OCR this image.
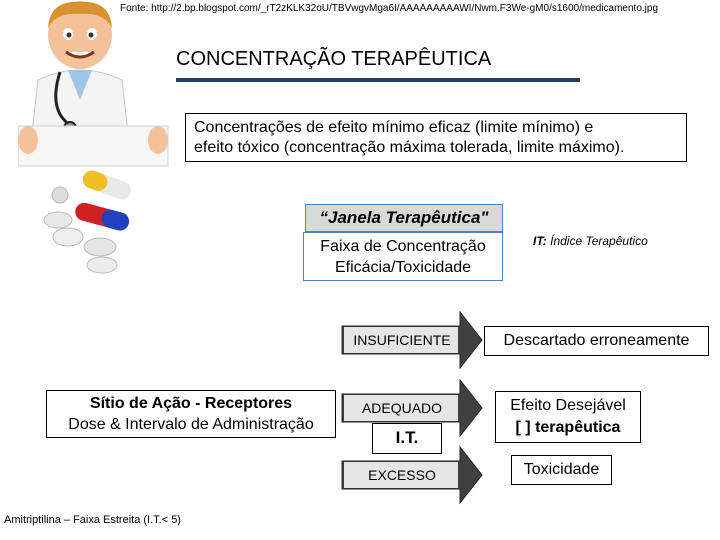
Fonte: http://2.bp.blogspot.com/_rT2zKLK32oU/TBVwgvMga6I/AAAAAAAAAWI/Nwm.F3We-gM0/s1600/medicamento.jpg
CONCENTRAÇÃO TERAPÊUTICA
Concentrações de efeito mínimo eficaz (limite mínimo) e
efeito tóxico (concentração máxima tolerada, limite máximo).
“Janela Terapêutica"
Faixa de Concentração
Eficácia/Toxicidade
IT: Índice Terapêutico
Sítio de Ação - Receptores
Dose & Intervalo de Administração
INSUFICIENTE
ADEQUADO
EXCESSO
I.T.
Descartado erroneamente
Efeito Desejável
[ ] terapêutica
Toxicidade
Amitriptilina – Faixa Estreita (I.T.< 5)
